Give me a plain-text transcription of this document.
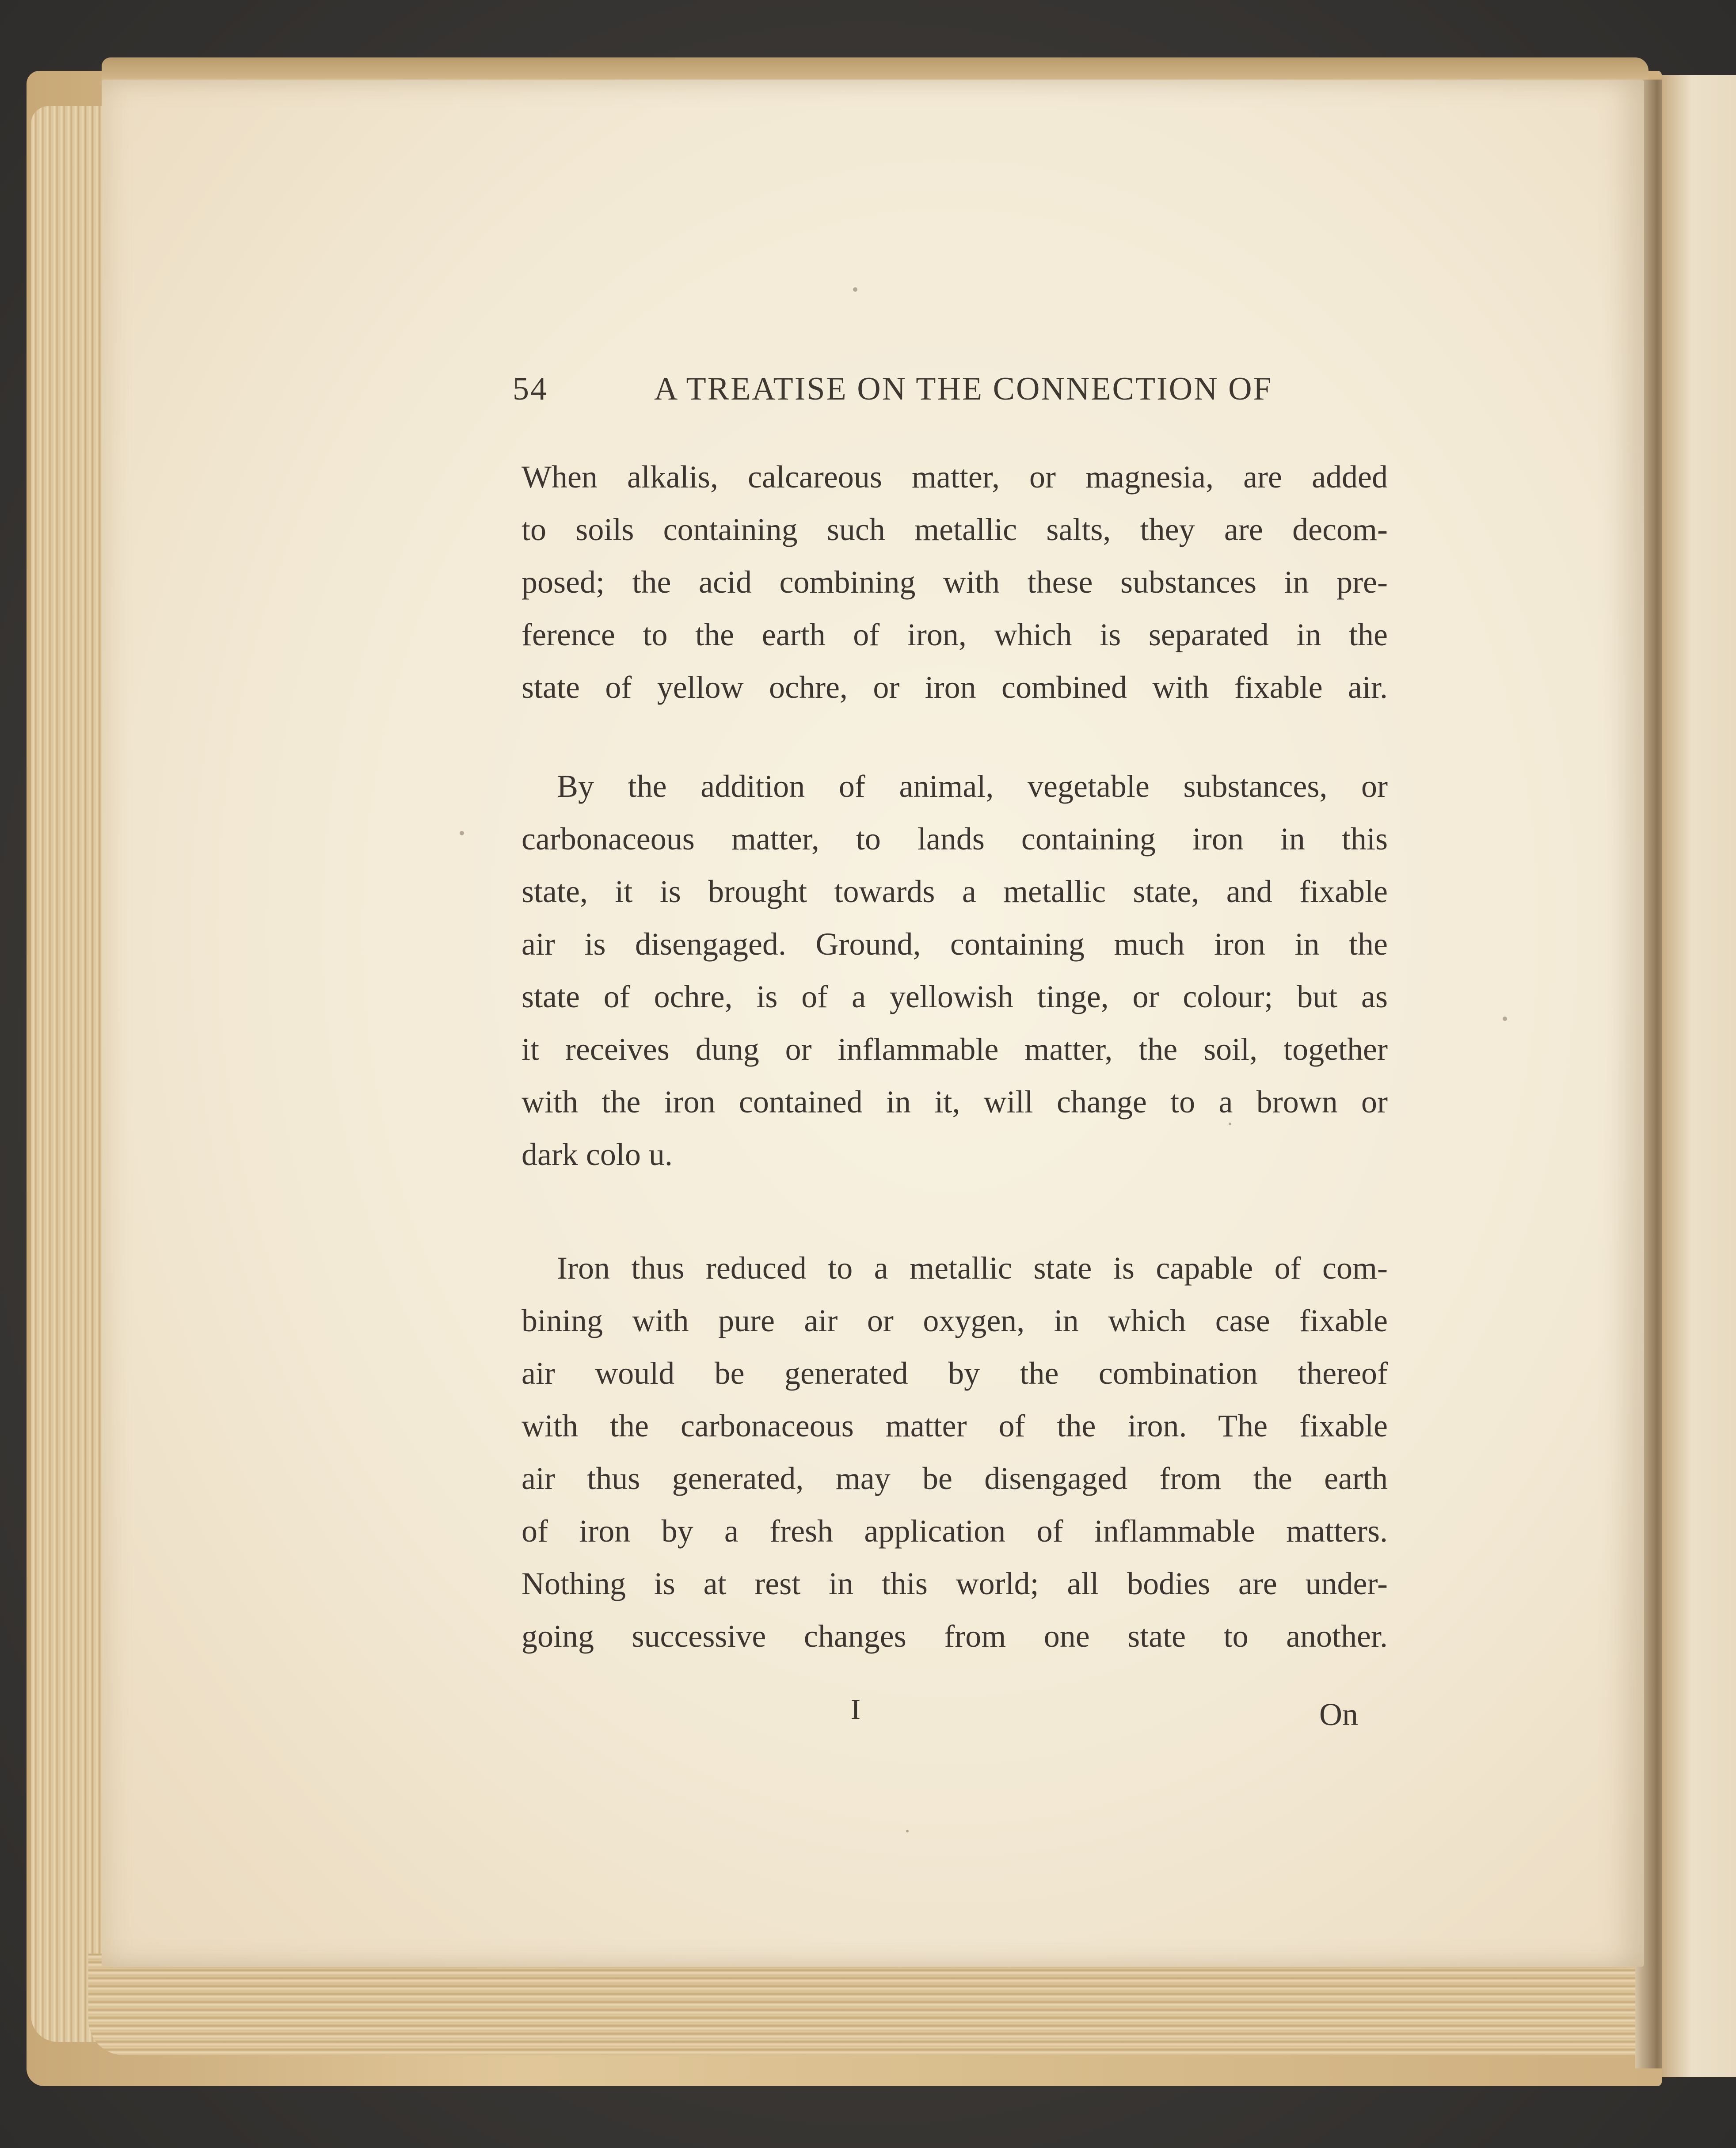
54	A TREATISE ON THE CONNECTION OF
When alkalis, calcareous matter, or magnesia, are added
to soils containing such metallic salts, they are decom-
posed; the acid combining with these substances in pre-
ference to the earth of iron, which is separated in the
state of yellow ochre, or iron combined with fixable air.
By the addition of animal, vegetable substances, or
carbonaceous matter, to lands containing iron in this
state, it is brought towards a metallic state, and fixable
air is disengaged. Ground, containing much iron in the
state of ochre, is of a yellowish tinge, or colour; but as
it receives dung or inflammable matter, the soil, together
with the iron contained in it, will change to a brown or
dark colo u.
Iron thus reduced to a metallic state is capable of com-
bining with pure air or oxygen, in which case fixable
air would be generated by the combination thereof
with the carbonaceous matter of the iron. The fixable
air thus generated, may be disengaged from the earth
of iron by a fresh application of inflammable matters.
Nothing is at rest in this world; all bodies are under-
going successive changes from one state to another.
I	On
